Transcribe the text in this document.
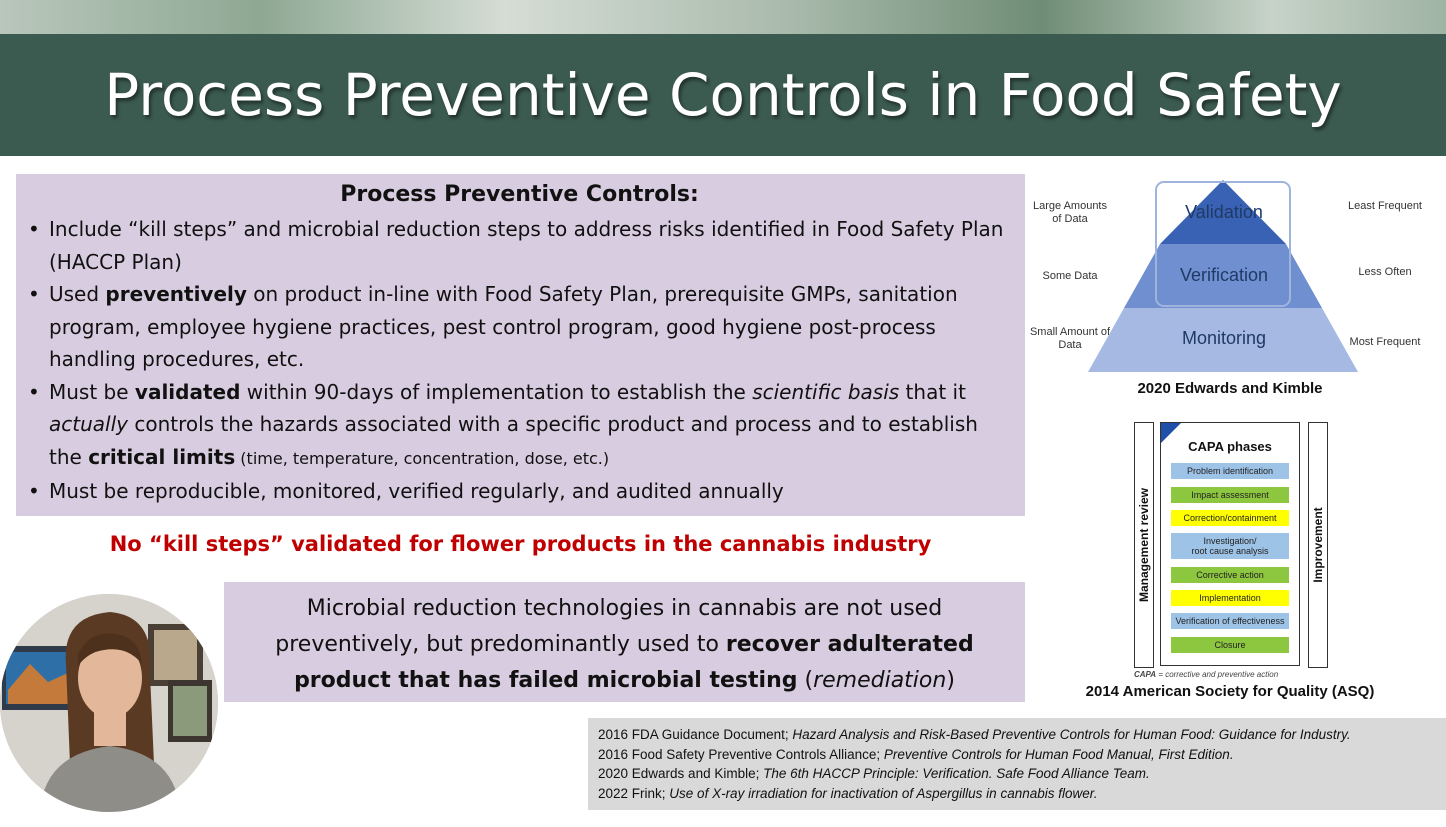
Process Preventive Controls in Food Safety
Process Preventive Controls:
• Include “kill steps” and microbial reduction steps to address risks identified in Food Safety Plan (HACCP Plan)
• Used preventively on product in-line with Food Safety Plan, prerequisite GMPs, sanitation program, employee hygiene practices, pest control program, good hygiene post-process handling procedures, etc.
• Must be validated within 90-days of implementation to establish the scientific basis that it actually controls the hazards associated with a specific product and process and to establish the critical limits (time, temperature, concentration, dose, etc.)
• Must be reproducible, monitored, verified regularly, and audited annually
No “kill steps” validated for flower products in the cannabis industry
Microbial reduction technologies in cannabis are not used preventively, but predominantly used to recover adulterated product that has failed microbial testing (remediation)
Validation
Verification
Monitoring
Large Amounts of Data
Some Data
Small Amount of Data
Least Frequent
Less Often
Most Frequent
2020 Edwards and Kimble
Management review
CAPA phases
Problem identification
Impact assessment
Correction/containment
Investigation/
root cause analysis
Corrective action
Implementation
Verification of effectiveness
Closure
Improvement
CAPA = corrective and preventive action
2014 American Society for Quality (ASQ)
2016 FDA Guidance Document; Hazard Analysis and Risk-Based Preventive Controls for Human Food: Guidance for Industry.
2016 Food Safety Preventive Controls Alliance; Preventive Controls for Human Food Manual, First Edition.
2020 Edwards and Kimble; The 6th HACCP Principle: Verification. Safe Food Alliance Team.
2022 Frink; Use of X-ray irradiation for inactivation of Aspergillus in cannabis flower.
